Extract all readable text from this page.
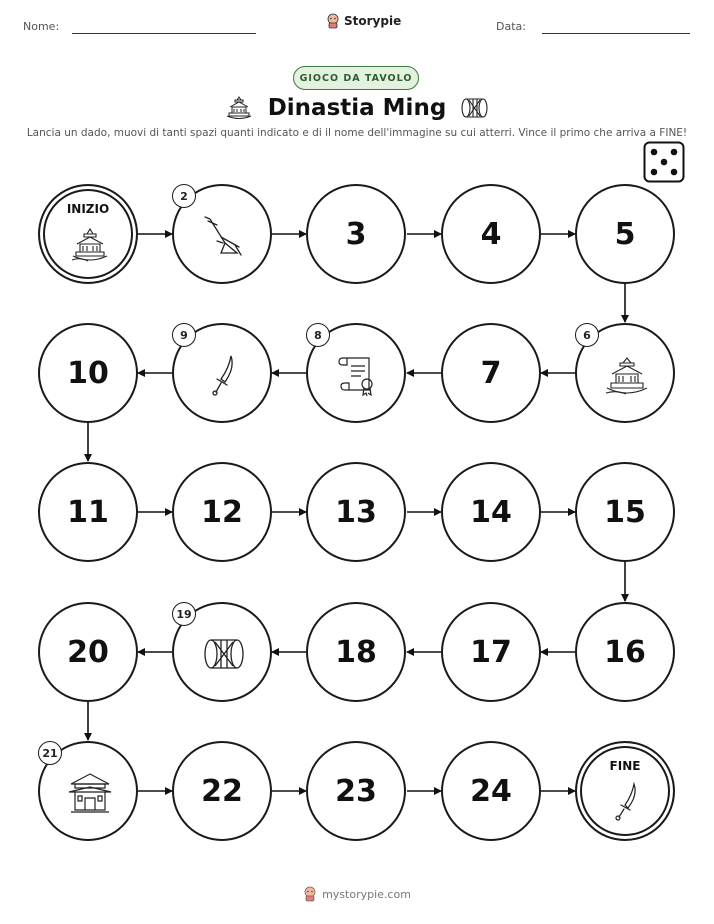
Nome:	Storypie	Data:
GIOCO DA TAVOLO
Dinastia Ming
Lancia un dado, muovi di tanti spazi quanti indicato e di il nome dell'immagine su cui atterri. Vince il primo che arriva a FINE!
INIZIO
2
3	4	5
10
9	8
7
6
11	12	13	14	15
20
19
18	17	16
21
22	23	24
FINE
mystorypie.com
